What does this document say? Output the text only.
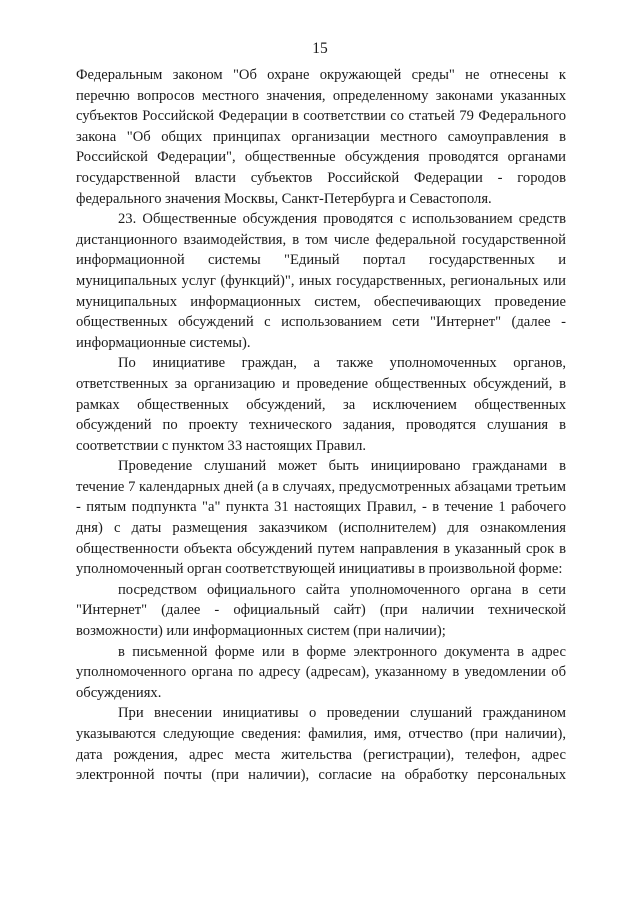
15

Федеральным законом "Об охране окружающей среды" не отнесены к перечню вопросов местного значения, определенному законами указанных субъектов Российской Федерации в соответствии со статьей 79 Федерального закона "Об общих принципах организации местного самоуправления в Российской Федерации", общественные обсуждения проводятся органами государственной власти субъектов Российской Федерации - городов федерального значения Москвы, Санкт-Петербурга и Севастополя.

23. Общественные обсуждения проводятся с использованием средств дистанционного взаимодействия, в том числе федеральной государственной информационной системы "Единый портал государственных и муниципальных услуг (функций)", иных государственных, региональных или муниципальных информационных систем, обеспечивающих проведение общественных обсуждений с использованием сети "Интернет" (далее - информационные системы).

По инициативе граждан, а также уполномоченных органов, ответственных за организацию и проведение общественных обсуждений, в рамках общественных обсуждений, за исключением общественных обсуждений по проекту технического задания, проводятся слушания в соответствии с пунктом 33 настоящих Правил.

Проведение слушаний может быть инициировано гражданами в течение 7 календарных дней (а в случаях, предусмотренных абзацами третьим - пятым подпункта "а" пункта 31 настоящих Правил, - в течение 1 рабочего дня) с даты размещения заказчиком (исполнителем) для ознакомления общественности объекта обсуждений путем направления в указанный срок в уполномоченный орган соответствующей инициативы в произвольной форме:

посредством официального сайта уполномоченного органа в сети "Интернет" (далее - официальный сайт) (при наличии технической возможности) или информационных систем (при наличии);

в письменной форме или в форме электронного документа в адрес уполномоченного органа по адресу (адресам), указанному в уведомлении об обсуждениях.

При внесении инициативы о проведении слушаний гражданином указываются следующие сведения: фамилия, имя, отчество (при наличии), дата рождения, адрес места жительства (регистрации), телефон, адрес электронной почты (при наличии), согласие на обработку персональных
